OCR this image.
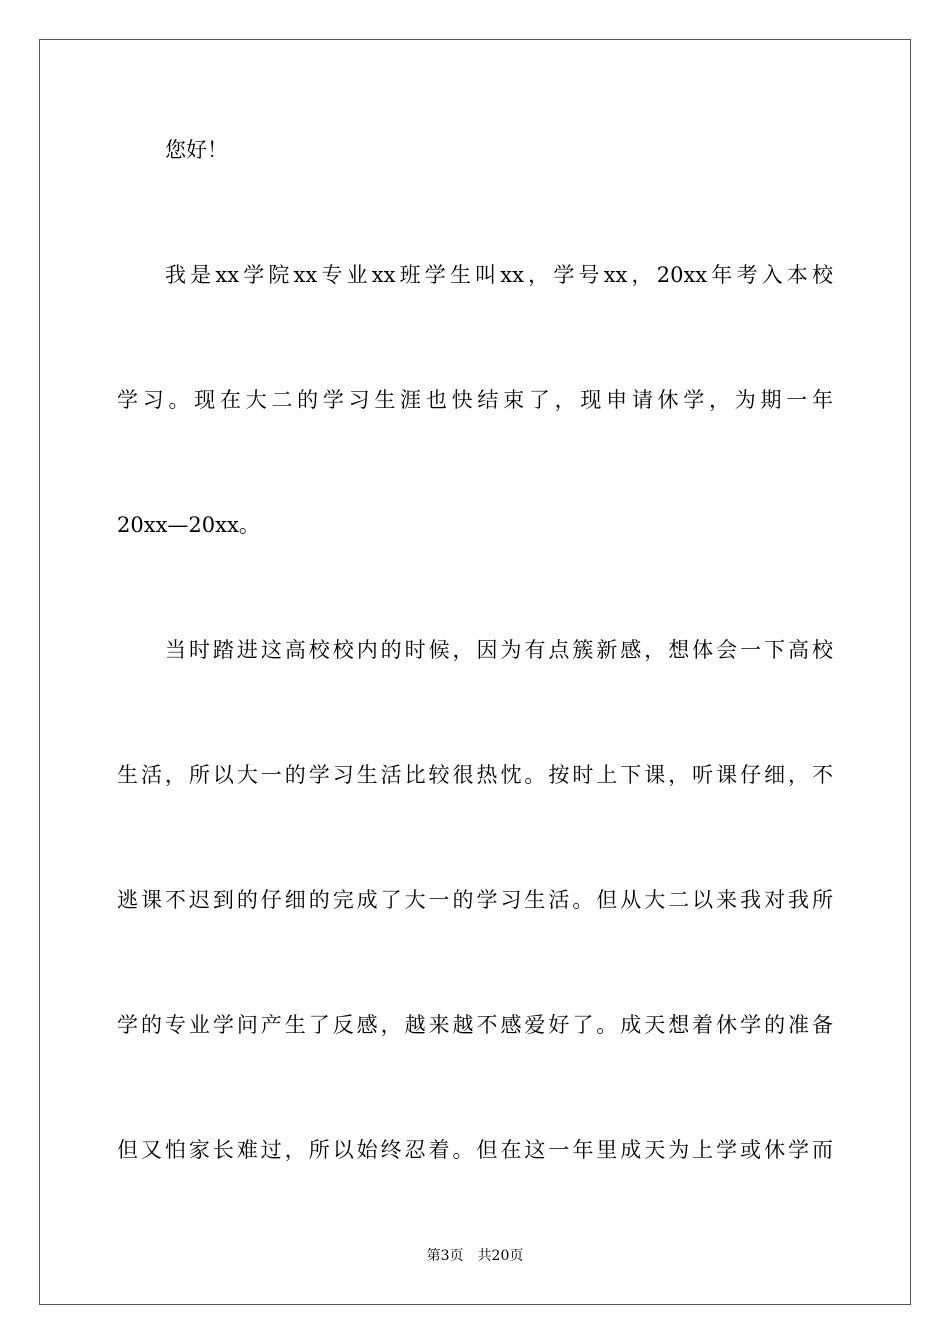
您好！
我是xx学院xx专业xx班学生叫xx，学号xx，20xx年考入本校
学习。现在大二的学习生涯也快结束了，现申请休学，为期一年
20xx—20xx。
当时踏进这高校校内的时候，因为有点簇新感，想体会一下高校
生活，所以大一的学习生活比较很热忱。按时上下课，听课仔细，不
逃课不迟到的仔细的完成了大一的学习生活。但从大二以来我对我所
学的专业学问产生了反感，越来越不感爱好了。成天想着休学的准备
但又怕家长难过，所以始终忍着。但在这一年里成天为上学或休学而
第3页 共20页
